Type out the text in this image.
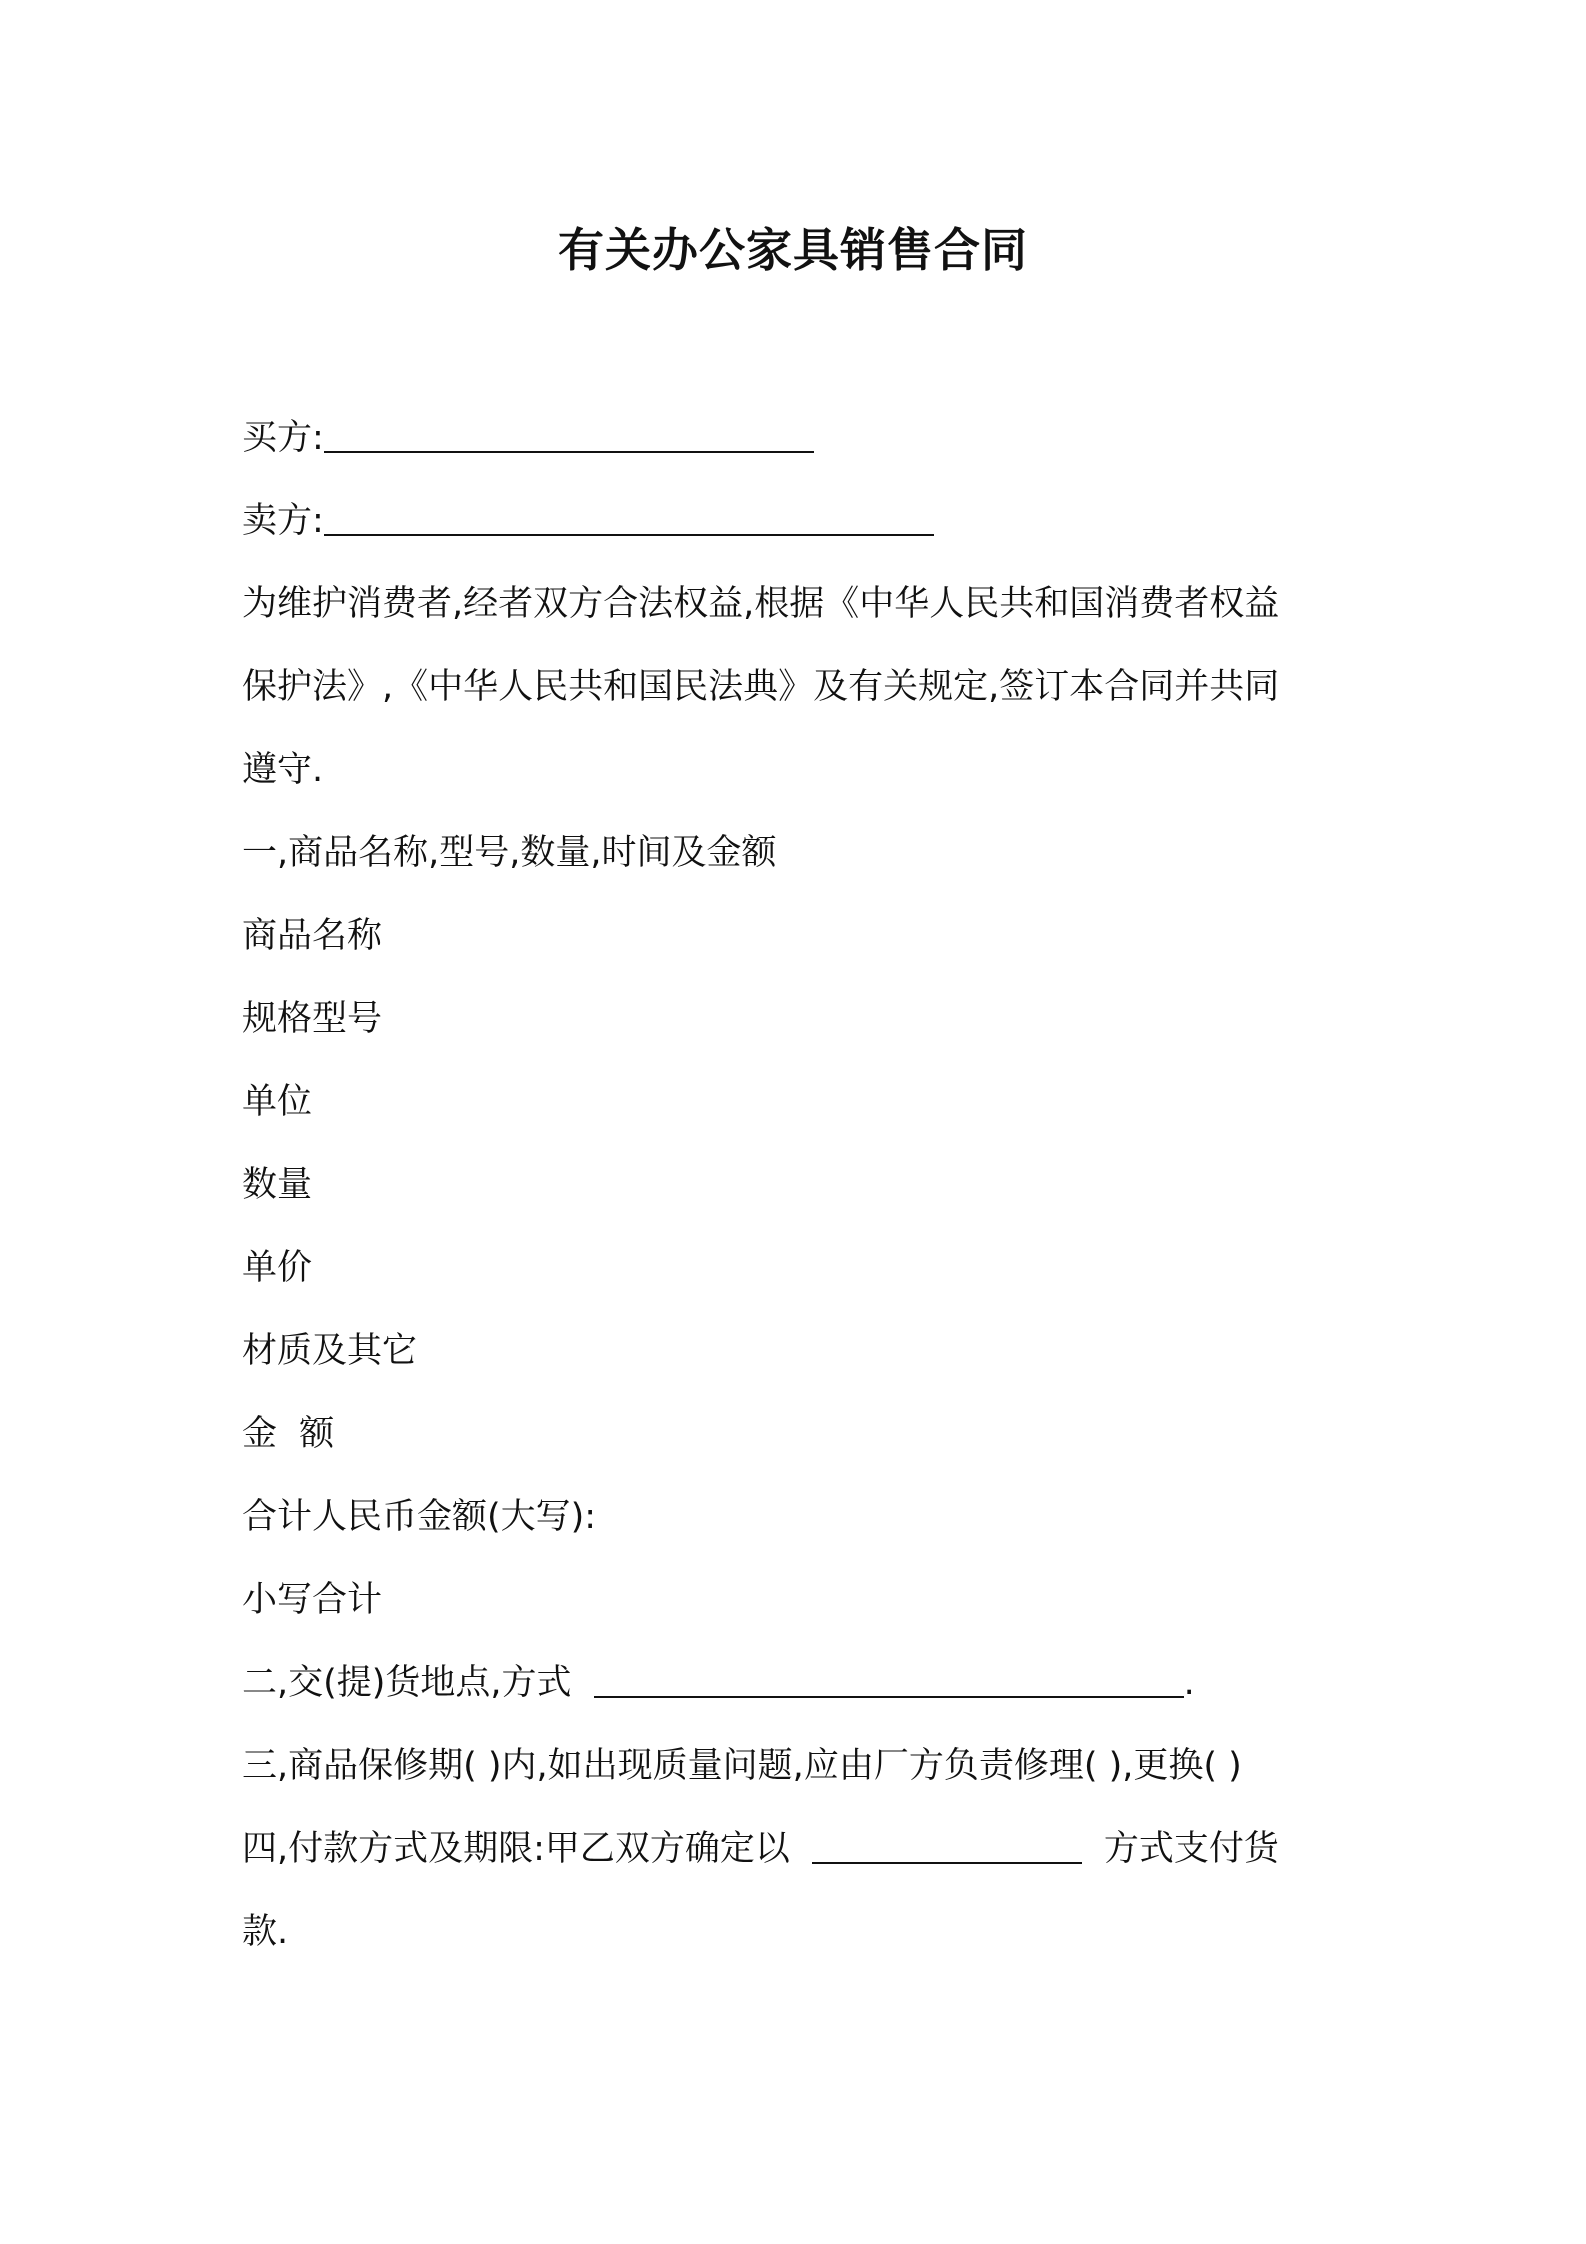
有关办公家具销售合同
买方:
卖方:
为维护消费者,经者双方合法权益,根据《中华人民共和国消费者权益
保护法》,《中华人民共和国民法典》及有关规定,签订本合同并共同
遵守.
一,商品名称,型号,数量,时间及金额
商品名称
规格型号
单位
数量
单价
材质及其它
金  额
合计人民币金额(大写):
小写合计
二,交(提)货地点,方式	.
三,商品保修期( )内,如出现质量问题,应由厂方负责修理( ),更换( )
四,付款方式及期限:甲乙双方确定以	方式支付货
款.
